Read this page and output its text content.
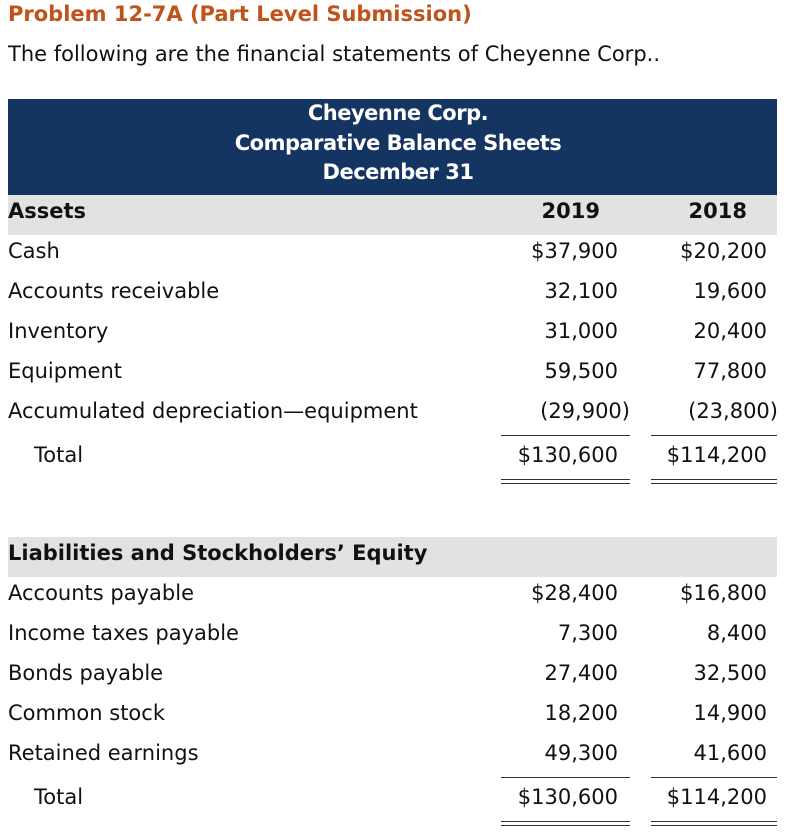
Problem 12-7A (Part Level Submission)
The following are the financial statements of Cheyenne Corp..
Cheyenne Corp.
Comparative Balance Sheets
December 31
Assets	2019	2018
Cash	$37,900	$20,200
Accounts receivable	32,100	19,600
Inventory	31,000	20,400
Equipment	59,500	77,800
Accumulated depreciation—equipment	(29,900)	(23,800)
Total	$130,600	$114,200
Liabilities and Stockholders’ Equity
Accounts payable	$28,400	$16,800
Income taxes payable	7,300	8,400
Bonds payable	27,400	32,500
Common stock	18,200	14,900
Retained earnings	49,300	41,600
Total	$130,600	$114,200
